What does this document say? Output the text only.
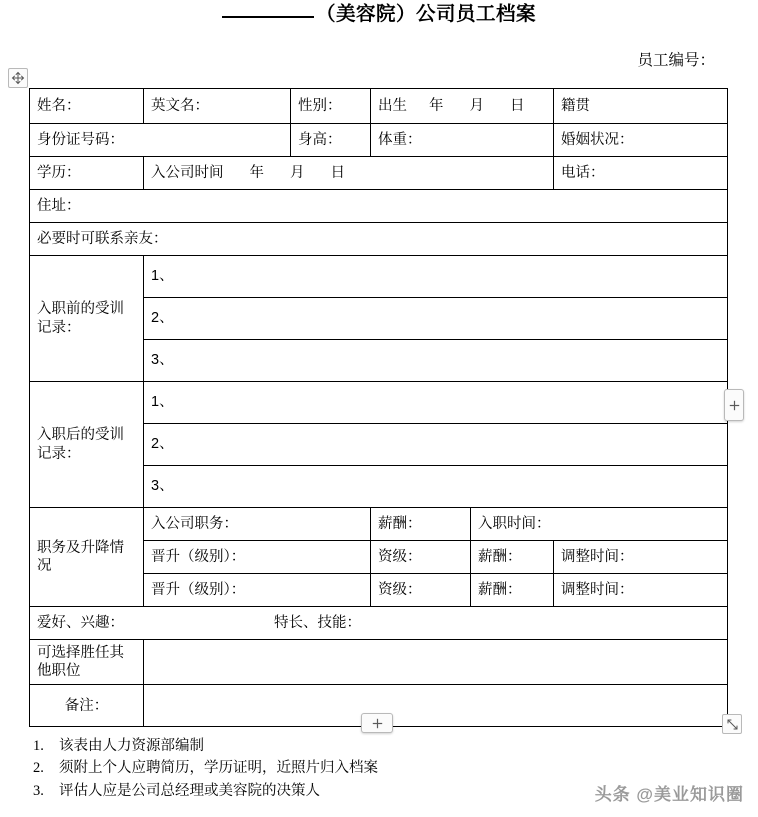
（美容院）公司员工档案
员工编号：
姓名：	英文名：	性别：	出生 年 月 日		籍贯
身份证号码：		身高：	体重：		婚姻状况：
学历：	入公司时间 年 月 日				电话：
住址：					
必要时可联系亲友：					
入职前的受训记录：	1、				
	2、				
	3、				
入职后的受训记录：	1、				
	2、				
	3、				
职务及升降情况	入公司职务：		薪酬：	入职时间：	
	晋升（级别）：		资级：	薪酬：	调整时间：
	晋升（级别）：		资级：	薪酬：	调整时间：
爱好、兴趣： 特长、技能：					
可选择胜任其他职位					
备注：					
1. 该表由人力资源部编制
2. 须附上个人应聘简历，学历证明，近照片归入档案
3. 评估人应是公司总经理或美容院的决策人	头条 @美业知识圈
